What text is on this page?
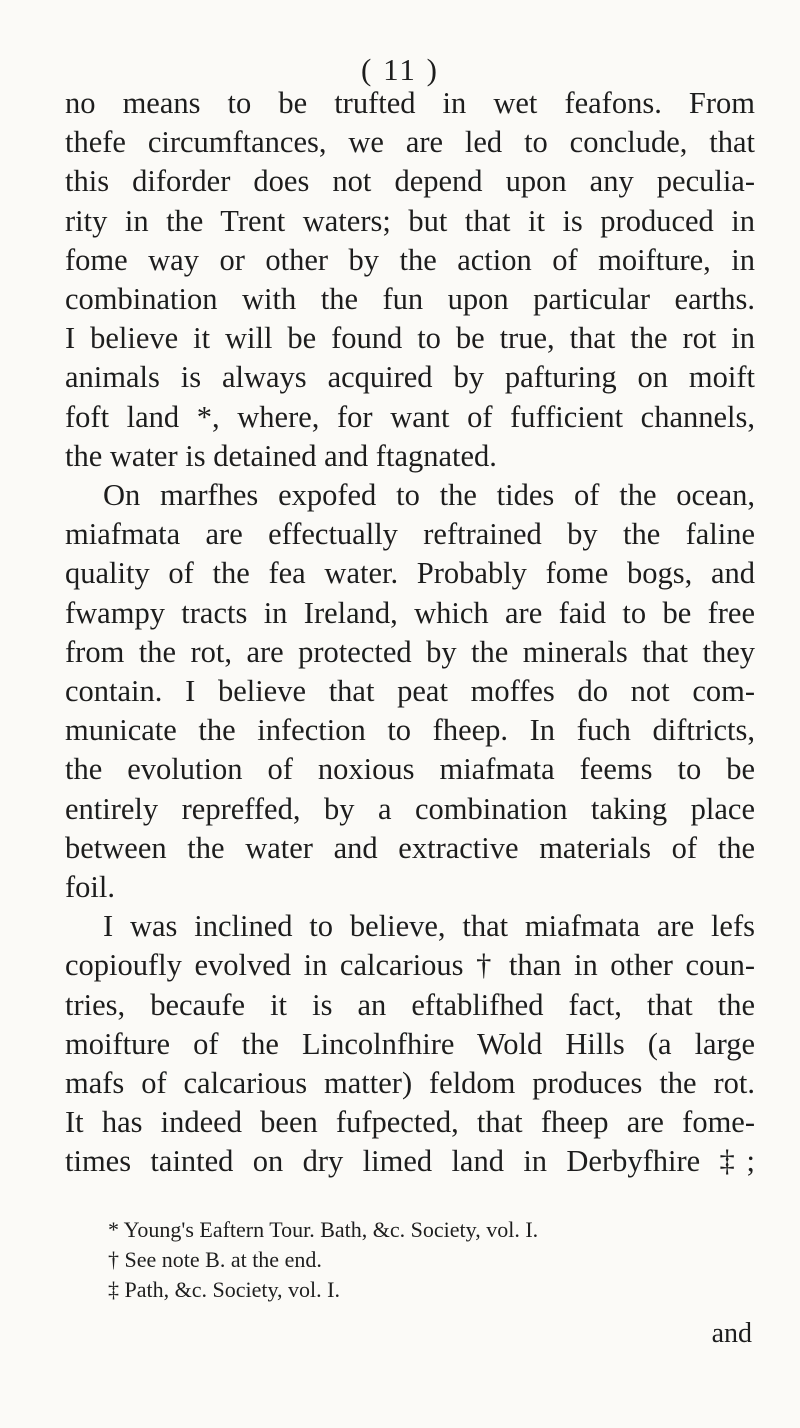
( 11 )
no means to be trufted in wet feafons. From
thefe circumftances, we are led to conclude, that
this diforder does not depend upon any peculia-
rity in the Trent waters; but that it is produced in
fome way or other by the action of moifture, in
combination with the fun upon particular earths.
I believe it will be found to be true, that the rot in
animals is always acquired by pafturing on moift
foft land *, where, for want of fufficient channels,
the water is detained and ftagnated.
On marfhes expofed to the tides of the ocean,
miafmata are effectually reftrained by the faline
quality of the fea water. Probably fome bogs, and
fwampy tracts in Ireland, which are faid to be free
from the rot, are protected by the minerals that they
contain. I believe that peat moffes do not com-
municate the infection to fheep. In fuch diftricts,
the evolution of noxious miafmata feems to be
entirely repreffed, by a combination taking place
between the water and extractive materials of the
foil.
I was inclined to believe, that miafmata are lefs
copioufly evolved in calcarious † than in other coun-
tries, becaufe it is an eftablifhed fact, that the
moifture of the Lincolnfhire Wold Hills (a large
mafs of calcarious matter) feldom produces the rot.
It has indeed been fufpected, that fheep are fome-
times tainted on dry limed land in Derbyfhire ‡;
* Young's Eaftern Tour. Bath, &c. Society, vol. I.
† See note B. at the end.
‡ Path, &c. Society, vol. I.
and
